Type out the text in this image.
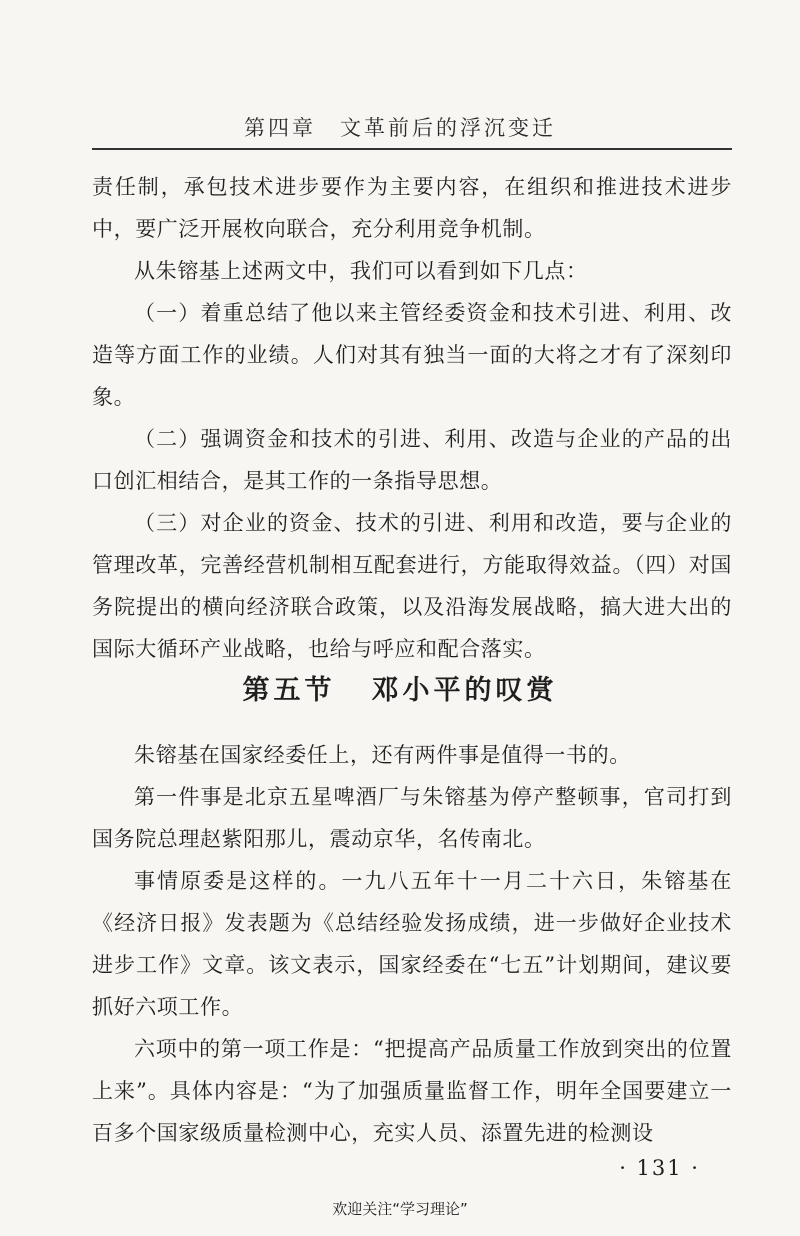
第四章　文革前后的浮沉变迁

责任制，承包技术进步要作为主要内容，在组织和推进技术进步中，要广泛开展枚向联合，充分利用竞争机制。

从朱镕基上述两文中，我们可以看到如下几点：

（一）着重总结了他以来主管经委资金和技术引进、利用、改造等方面工作的业绩。人们对其有独当一面的大将之才有了深刻印象。

（二）强调资金和技术的引进、利用、改造与企业的产品的出口创汇相结合，是其工作的一条指导思想。

（三）对企业的资金、技术的引进、利用和改造，要与企业的管理改革，完善经营机制相互配套进行，方能取得效益。（四）对国务院提出的横向经济联合政策，以及沿海发展战略，搞大进大出的国际大循环产业战略，也给与呼应和配合落实。

第五节 邓小平的叹赏

朱镕基在国家经委任上，还有两件事是值得一书的。

第一件事是北京五星啤酒厂与朱镕基为停产整顿事，官司打到国务院总理赵紫阳那儿，震动京华，名传南北。

事情原委是这样的。一九八五年十一月二十六日，朱镕基在《经济日报》发表题为《总结经验发扬成绩，进一步做好企业技术进步工作》文章。该文表示，国家经委在“七五”计划期间，建议要抓好六项工作。

六项中的第一项工作是：“把提高产品质量工作放到突出的位置上来”。具体内容是：“为了加强质量监督工作，明年全国要建立一百多个国家级质量检测中心，充实人员、添置先进的检测设

· 131 ·
欢迎关注“学习理论”
